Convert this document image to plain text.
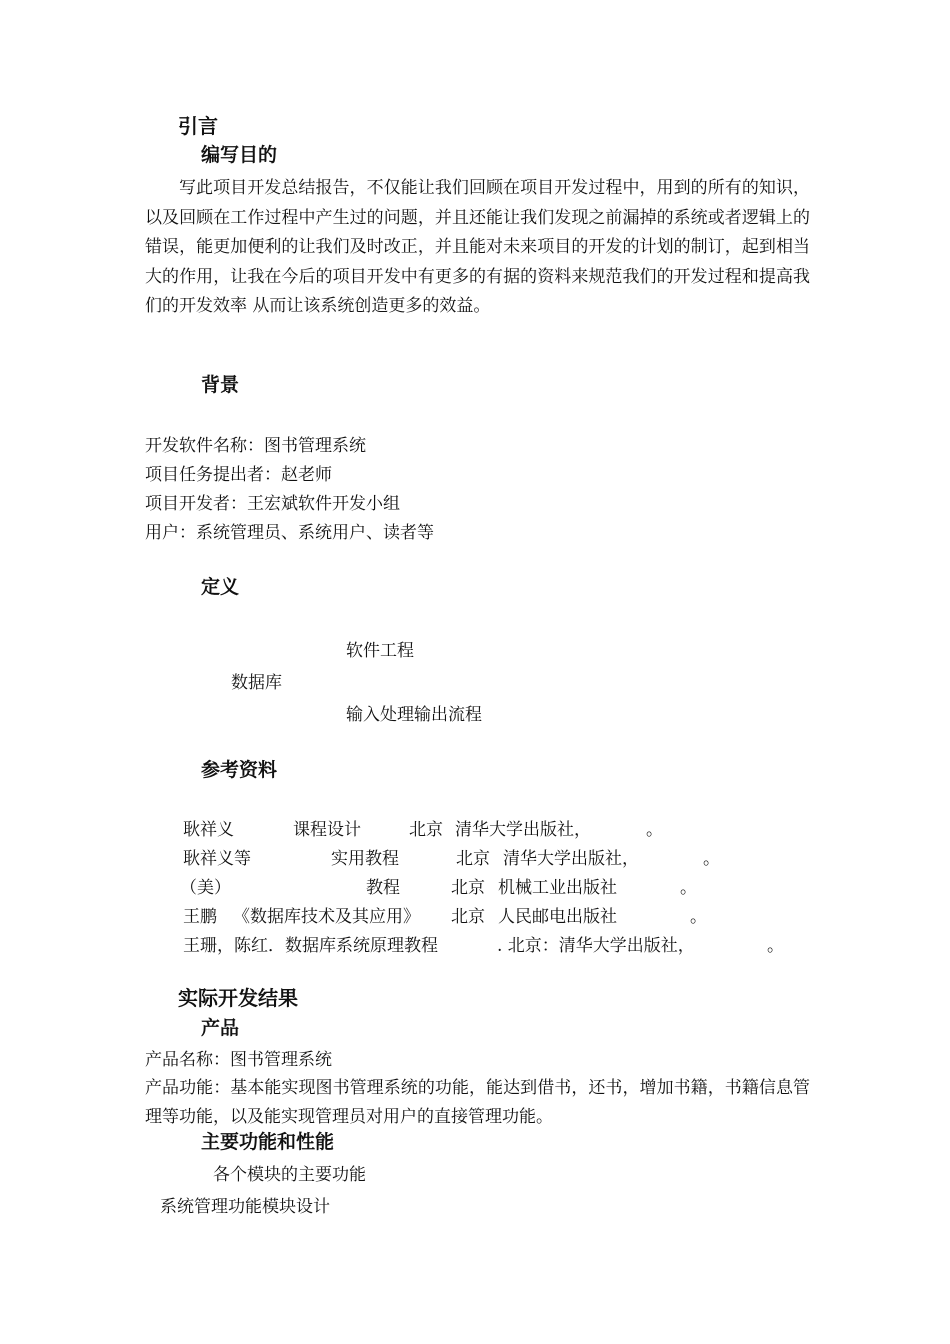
引言
编写目的

写此项目开发总结报告，不仅能让我们回顾在项目开发过程中，用到的所有的知识，以及回顾在工作过程中产生过的问题，并且还能让我们发现之前漏掉的系统或者逻辑上的错误，能更加便利的让我们及时改正，并且能对未来项目的开发的计划的制订，起到相当大的作用，让我在今后的项目开发中有更多的有据的资料来规范我们的开发过程和提高我们的开发效率 从而让该系统创造更多的效益。

背景
开发软件名称：图书管理系统
项目任务提出者：赵老师
项目开发者：王宏斌软件开发小组
用户：系统管理员、系统用户、读者等
定义
软件工程
数据库
输入处理输出流程
参考资料
耿祥义	课程设计	北京 清华大学出版社，	。
耿祥义等	实用教程	北京 清华大学出版社，	。
（美）	教程	北京 机械工业出版社	。
王鹏 《数据库技术及其应用》 北京 人民邮电出版社	。
王珊，陈红．数据库系统原理教程	. 北京：清华大学出版社，	。
实际开发结果
产品
产品名称：图书管理系统

产品功能：基本能实现图书管理系统的功能，能达到借书，还书，增加书籍，书籍信息管理等功能，以及能实现管理员对用户的直接管理功能。

主要功能和性能
各个模块的主要功能
系统管理功能模块设计
